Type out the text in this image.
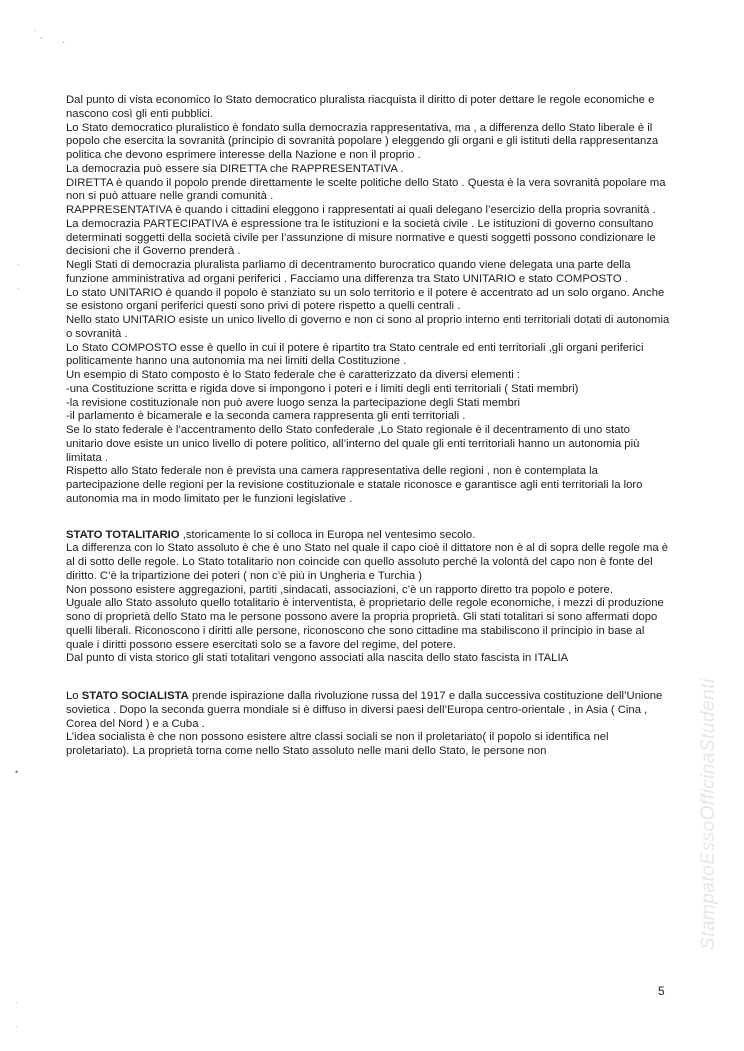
˙ ˏ ˏ
ˑ
ˑ
•
ˑ
ˑ
StampatoEssoOfficinaStudenti

Dal punto di vista economico lo Stato democratico pluralista riacquista il diritto di poter dettare le regole economiche e nascono così gli enti pubblici.

Lo Stato democratico pluralistico è fondato sulla democrazia rappresentativa, ma , a differenza dello Stato liberale è il popolo che esercita la sovranità (principio di sovranità popolare ) eleggendo gli organi e gli istituti della rappresentanza politica che devono esprimere interesse della Nazione e non il proprio .

La democrazia può essere sia DIRETTA che RAPPRESENTATIVA .

DIRETTA è quando il popolo prende direttamente le scelte politiche dello Stato . Questa è la vera sovranità popolare ma non si può attuare nelle grandi comunità .

RAPPRESENTATIVA è quando i cittadini eleggono i rappresentati ai quali delegano l’esercizio della propria sovranità .

La democrazia PARTECIPATIVA è espressione tra le istituzioni e la società civile . Le istituzioni di governo consultano determinati soggetti della società civile per l’assunzione di misure normative e questi soggetti possono condizionare le decisioni che il Governo prenderà .

Negli Stati di democrazia pluralista parliamo di decentramento burocratico quando viene delegata una parte della funzione amministrativa ad organi periferici . Facciamo una differenza tra Stato UNITARIO e stato COMPOSTO .

Lo stato UNITARIO è quando il popolo è stanziato su un solo territorio e il potere è accentrato ad un solo organo. Anche se esistono organi periferici questi sono privi di potere rispetto a quelli centrali .

Nello stato UNITARIO esiste un unico livello di governo e non ci sono al proprio interno enti territoriali dotati di autonomia o sovranità .

Lo Stato COMPOSTO esse è quello in cui il potere è ripartito tra Stato centrale ed enti territoriali ,gli organi periferici politicamente hanno una autonomia ma nei limiti della Costituzione .

Un esempio di Stato composto è lo Stato federale che è caratterizzato da diversi elementi :

-una Costituzione scritta e rigida dove si impongono i poteri e i limiti degli enti territoriali ( Stati membri)

-la revisione costituzionale non può avere luogo senza la partecipazione degli Stati membri

-il parlamento è bicamerale e la seconda camera rappresenta gli enti territoriali .

Se lo stato federale è l’accentramento dello Stato confederale ,Lo Stato regionale è il decentramento di uno stato unitario dove esiste un unico livello di potere politico, all’interno del quale gli enti territoriali hanno un autonomia più limitata .

Rispetto allo Stato federale non è prevista una camera rappresentativa delle regioni , non è contemplata la partecipazione delle regioni per la revisione costituzionale e statale riconosce e garantisce agli enti territoriali la loro autonomia ma in modo limitato per le funzioni legislative .

STATO TOTALITARIO ,storicamente lo si colloca in Europa nel ventesimo secolo.

La differenza con lo Stato assoluto è che è uno Stato nel quale il capo cioè il dittatore non è al di sopra delle regole ma è al di sotto delle regole. Lo Stato totalitario non coincide con quello assoluto perché la volontà del capo non è fonte del diritto. C’è la tripartizione dei poteri ( non c’è più in Ungheria e Turchia )

Non possono esistere aggregazioni, partiti ,sindacati, associazioni, c’è un rapporto diretto tra popolo e potere.

Uguale allo Stato assoluto quello totalitario è interventista, è proprietario delle regole economiche, i mezzi di produzione sono di proprietà dello Stato ma le persone possono avere la propria proprietà. Gli stati totalitari si sono affermati dopo quelli liberali. Riconoscono i diritti alle persone, riconoscono che sono cittadine ma stabiliscono il principio in base al quale i diritti possono essere esercitati solo se a favore del regime, del potere.

Dal punto di vista storico gli stati totalitari vengono associati alla nascita dello stato fascista in ITALIA

Lo STATO SOCIALISTA prende ispirazione dalla rivoluzione russa del 1917 e dalla successiva costituzione dell’Unione sovietica . Dopo la seconda guerra mondiale si è diffuso in diversi paesi dell’Europa centro-orientale , in Asia ( Cina , Corea del Nord ) e a Cuba .

L’idea socialista è che non possono esistere altre classi sociali se non il proletariato( il popolo si identifica nel proletariato). La proprietà torna come nello Stato assoluto nelle mani dello Stato, le persone non

5
